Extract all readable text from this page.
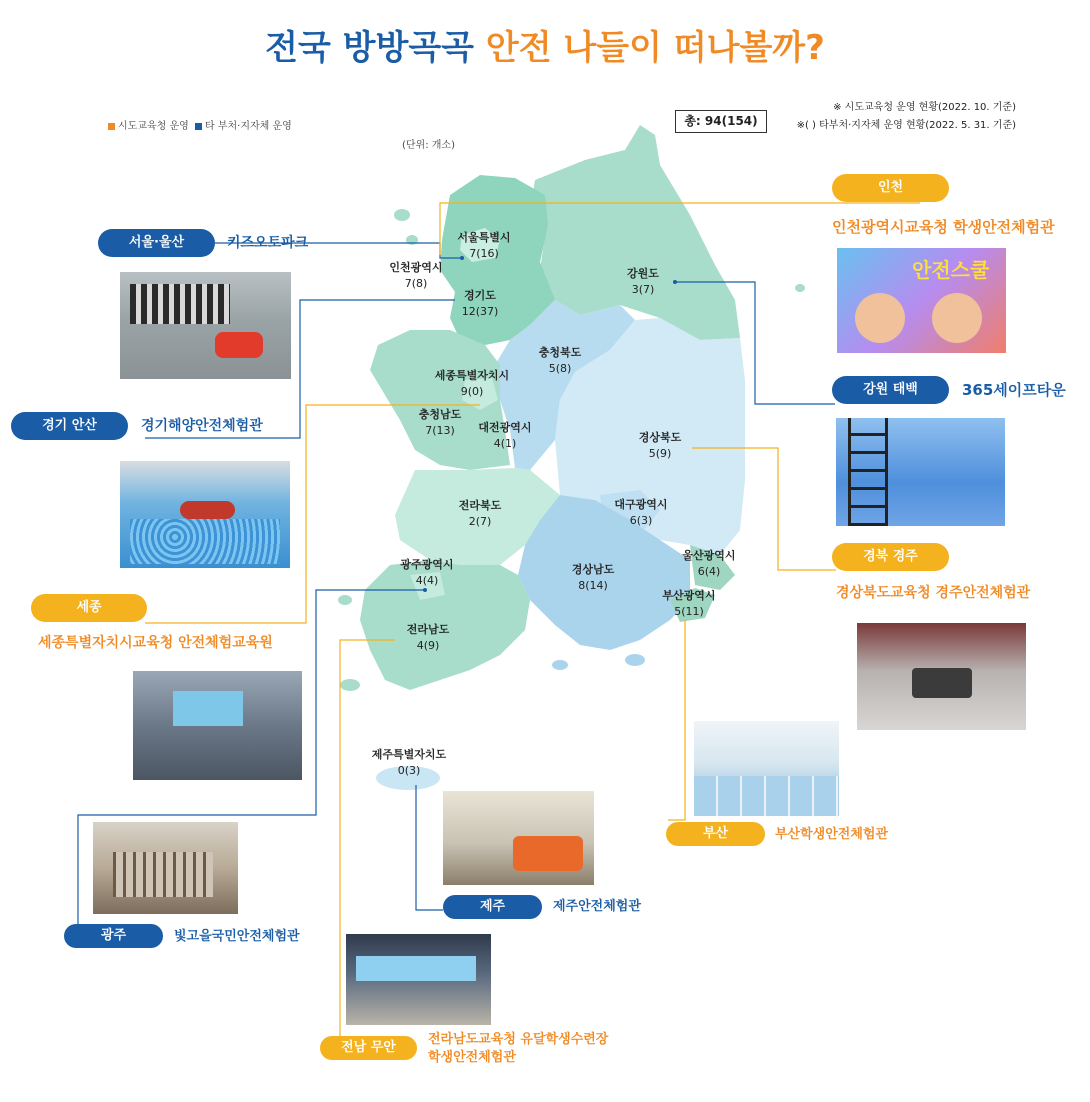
전국 방방곡곡 안전 나들이 떠나볼까?
시도교육청 운영 타 부처·지자체 운영
(단위: 개소)
총: 94(154)
※ 시도교육청 운영 현황(2022. 10. 기준)
※( ) 타부처·지자체 운영 현황(2022. 5. 31. 기준)
서울특별시
7(16)
인천광역시
7(8)
경기도
12(37)
강원도
3(7)
충청북도
5(8)
세종특별자치시
9(0)
충청남도
7(13)	대전광역시
4(1)	경상북도
5(9)
전라북도
2(7)
대구광역시
6(3)
광주광역시
4(4)
경상남도
8(14)
울산광역시
6(4)
부산광역시
5(11)
전라남도
4(9)
제주특별자치도
0(3)
서울·울산	키즈오토파크
경기 안산	경기해양안전체험관
세종
세종특별자치시교육청 안전체험교육원
광주	빛고을국민안전체험관
전남 무안
전라남도교육청 유달학생수련장
학생안전체험관
제주	제주안전체험관
부산	부산학생안전체험관
인천
인천광역시교육청 학생안전체험관
강원 태백	365세이프타운
경북 경주
경상북도교육청 경주안전체험관
안전스쿨
